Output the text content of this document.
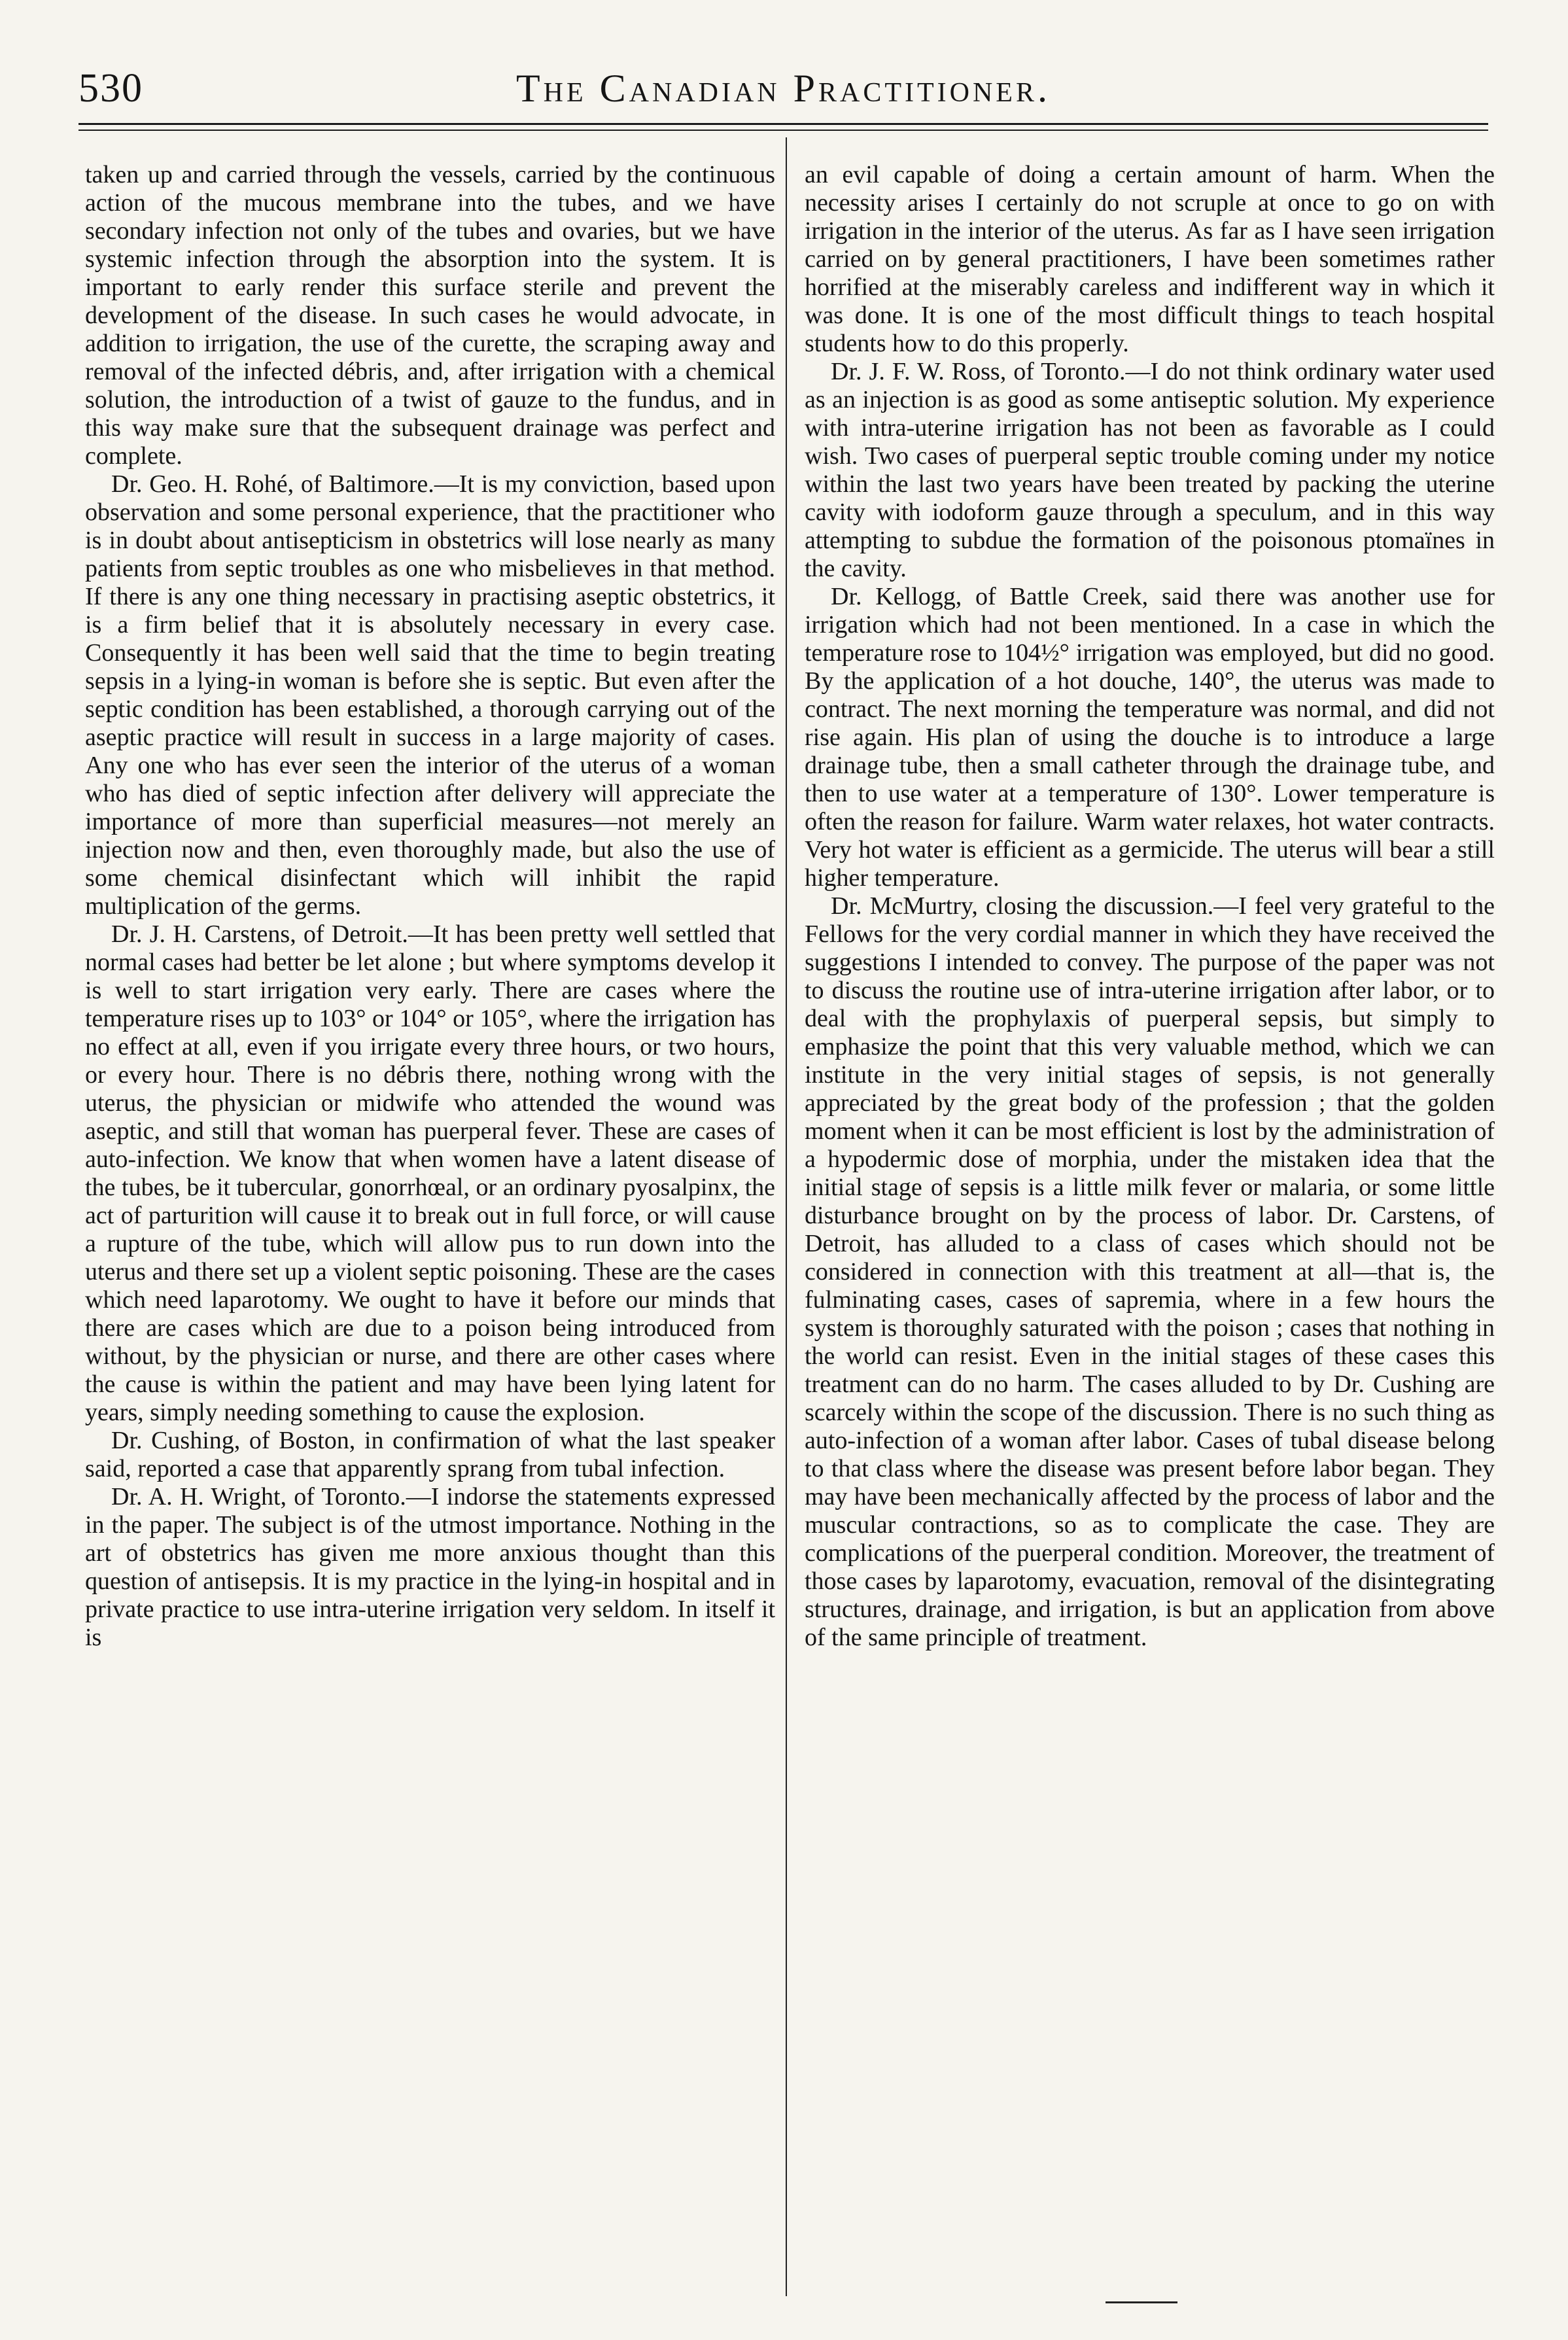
530	The Canadian Practitioner.

taken up and carried through the vessels, carried by the continuous action of the mucous membrane into the tubes, and we have secondary infection not only of the tubes and ovaries, but we have systemic infection through the absorption into the system. It is important to early render this surface sterile and prevent the development of the disease. In such cases he would advocate, in addition to irrigation, the use of the curette, the scraping away and removal of the infected débris, and, after irrigation with a chemical solution, the introduction of a twist of gauze to the fundus, and in this way make sure that the subsequent drainage was perfect and complete.

Dr. Geo. H. Rohé, of Baltimore.—It is my conviction, based upon observation and some personal experience, that the practitioner who is in doubt about antisepticism in obstetrics will lose nearly as many patients from septic troubles as one who misbelieves in that method. If there is any one thing necessary in practising aseptic obstetrics, it is a firm belief that it is absolutely necessary in every case. Consequently it has been well said that the time to begin treating sepsis in a lying-in woman is before she is septic. But even after the septic condition has been established, a thorough carrying out of the aseptic practice will result in success in a large majority of cases. Any one who has ever seen the interior of the uterus of a woman who has died of septic infection after delivery will appreciate the importance of more than superficial measures—not merely an injection now and then, even thoroughly made, but also the use of some chemical disinfectant which will inhibit the rapid multiplication of the germs.

Dr. J. H. Carstens, of Detroit.—It has been pretty well settled that normal cases had better be let alone ; but where symptoms develop it is well to start irrigation very early. There are cases where the temperature rises up to 103° or 104° or 105°, where the irrigation has no effect at all, even if you irrigate every three hours, or two hours, or every hour. There is no débris there, nothing wrong with the uterus, the physician or midwife who attended the wound was aseptic, and still that woman has puerperal fever. These are cases of auto-infection. We know that when women have a latent disease of the tubes, be it tubercular, gonorrhœal, or an ordinary pyosalpinx, the act of parturition will cause it to break out in full force, or will cause a rupture of the tube, which will allow pus to run down into the uterus and there set up a violent septic poisoning. These are the cases which need laparotomy. We ought to have it before our minds that there are cases which are due to a poison being introduced from without, by the physician or nurse, and there are other cases where the cause is within the patient and may have been lying latent for years, simply needing something to cause the explosion.

Dr. Cushing, of Boston, in confirmation of what the last speaker said, reported a case that apparently sprang from tubal infection.

Dr. A. H. Wright, of Toronto.—I indorse the statements expressed in the paper. The subject is of the utmost importance. Nothing in the art of obstetrics has given me more anxious thought than this question of antisepsis. It is my practice in the lying-in hospital and in private practice to use intra-uterine irrigation very seldom. In itself it is

an evil capable of doing a certain amount of harm. When the necessity arises I certainly do not scruple at once to go on with irrigation in the interior of the uterus. As far as I have seen irrigation carried on by general practitioners, I have been sometimes rather horrified at the miserably careless and indifferent way in which it was done. It is one of the most difficult things to teach hospital students how to do this properly.

Dr. J. F. W. Ross, of Toronto.—I do not think ordinary water used as an injection is as good as some antiseptic solution. My experience with intra-uterine irrigation has not been as favorable as I could wish. Two cases of puerperal septic trouble coming under my notice within the last two years have been treated by packing the uterine cavity with iodoform gauze through a speculum, and in this way attempting to subdue the formation of the poisonous ptomaïnes in the cavity.

Dr. Kellogg, of Battle Creek, said there was another use for irrigation which had not been mentioned. In a case in which the temperature rose to 104½° irrigation was employed, but did no good. By the application of a hot douche, 140°, the uterus was made to contract. The next morning the temperature was normal, and did not rise again. His plan of using the douche is to introduce a large drainage tube, then a small catheter through the drainage tube, and then to use water at a temperature of 130°. Lower temperature is often the reason for failure. Warm water relaxes, hot water contracts. Very hot water is efficient as a germicide. The uterus will bear a still higher temperature.

Dr. McMurtry, closing the discussion.—I feel very grateful to the Fellows for the very cordial manner in which they have received the suggestions I intended to convey. The purpose of the paper was not to discuss the routine use of intra-uterine irrigation after labor, or to deal with the prophylaxis of puerperal sepsis, but simply to emphasize the point that this very valuable method, which we can institute in the very initial stages of sepsis, is not generally appreciated by the great body of the profession ; that the golden moment when it can be most efficient is lost by the administration of a hypodermic dose of morphia, under the mistaken idea that the initial stage of sepsis is a little milk fever or malaria, or some little disturbance brought on by the process of labor. Dr. Carstens, of Detroit, has alluded to a class of cases which should not be considered in connection with this treatment at all—that is, the fulminating cases, cases of sapremia, where in a few hours the system is thoroughly saturated with the poison ; cases that nothing in the world can resist. Even in the initial stages of these cases this treatment can do no harm. The cases alluded to by Dr. Cushing are scarcely within the scope of the discussion. There is no such thing as auto-infection of a woman after labor. Cases of tubal disease belong to that class where the disease was present before labor began. They may have been mechanically affected by the process of labor and the muscular contractions, so as to complicate the case. They are complications of the puerperal condition. Moreover, the treatment of those cases by laparotomy, evacuation, removal of the disintegrating structures, drainage, and irrigation, is but an application from above of the same principle of treatment.
